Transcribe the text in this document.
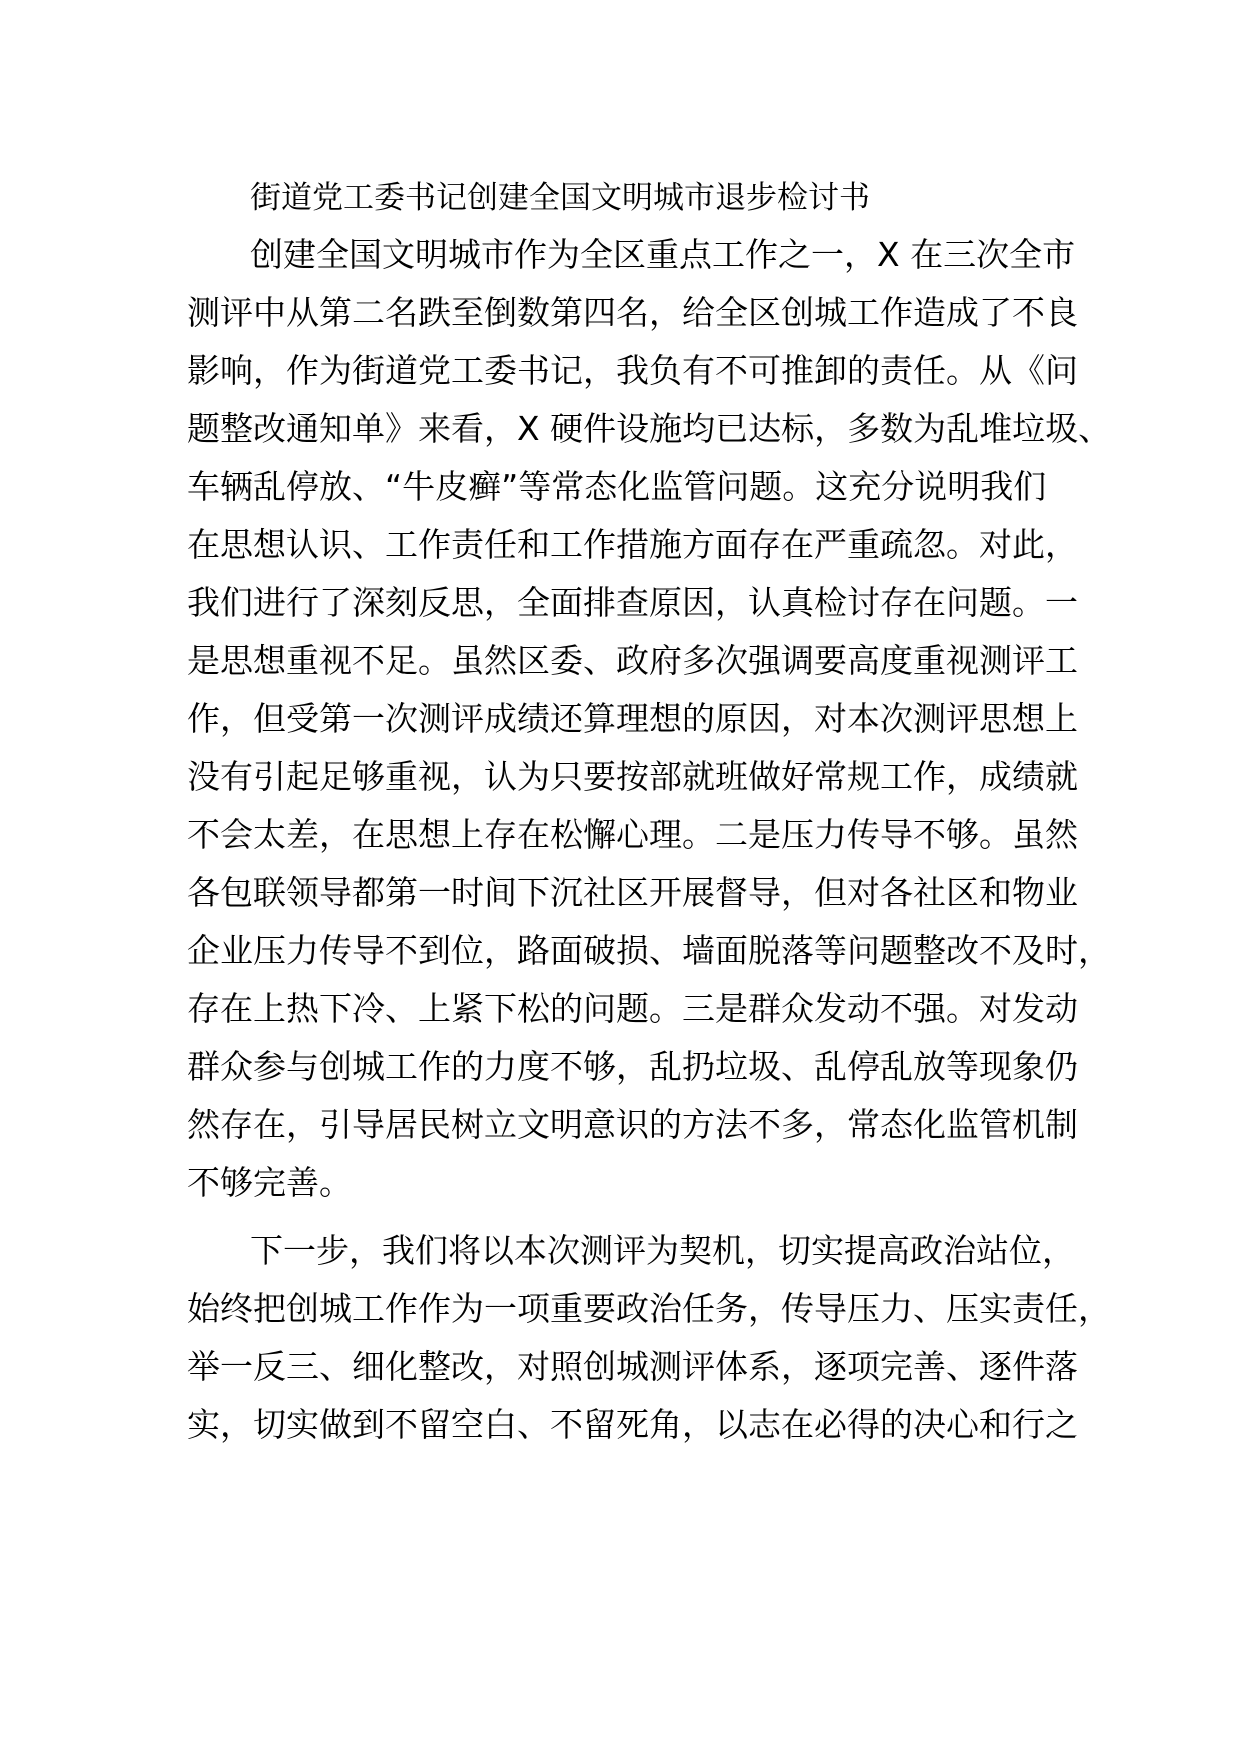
街道党工委书记创建全国文明城市退步检讨书

创建全国文明城市作为全区重点工作之一，X 在三次全市

测评中从第二名跌至倒数第四名，给全区创城工作造成了不良

影响，作为街道党工委书记，我负有不可推卸的责任。从《问

题整改通知单》来看，X 硬件设施均已达标，多数为乱堆垃圾、

车辆乱停放、“牛皮癣”等常态化监管问题。这充分说明我们

在思想认识、工作责任和工作措施方面存在严重疏忽。对此，

我们进行了深刻反思，全面排查原因，认真检讨存在问题。一

是思想重视不足。虽然区委、政府多次强调要高度重视测评工

作，但受第一次测评成绩还算理想的原因，对本次测评思想上

没有引起足够重视，认为只要按部就班做好常规工作，成绩就

不会太差，在思想上存在松懈心理。二是压力传导不够。虽然

各包联领导都第一时间下沉社区开展督导，但对各社区和物业

企业压力传导不到位，路面破损、墙面脱落等问题整改不及时，

存在上热下冷、上紧下松的问题。三是群众发动不强。对发动

群众参与创城工作的力度不够，乱扔垃圾、乱停乱放等现象仍

然存在，引导居民树立文明意识的方法不多，常态化监管机制

不够完善。

下一步，我们将以本次测评为契机，切实提高政治站位，

始终把创城工作作为一项重要政治任务，传导压力、压实责任，

举一反三、细化整改，对照创城测评体系，逐项完善、逐件落

实，切实做到不留空白、不留死角，以志在必得的决心和行之
